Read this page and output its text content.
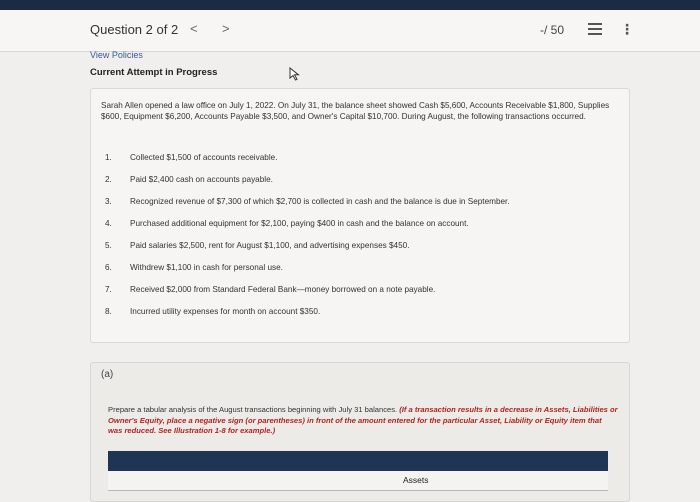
Question 2 of 2 < >	-/ 50	⋮
View Policies
Current Attempt in Progress
Sarah Allen opened a law office on July 1, 2022. On July 31, the balance sheet showed Cash $5,600, Accounts Receivable $1,800, Supplies $600, Equipment $6,200, Accounts Payable $3,500, and Owner's Capital $10,700. During August, the following transactions occurred.
1.	Collected $1,500 of accounts receivable.
2.	Paid $2,400 cash on accounts payable.
3.	Recognized revenue of $7,300 of which $2,700 is collected in cash and the balance is due in September.
4.	Purchased additional equipment for $2,100, paying $400 in cash and the balance on account.
5.	Paid salaries $2,500, rent for August $1,100, and advertising expenses $450.
6.	Withdrew $1,100 in cash for personal use.
7.	Received $2,000 from Standard Federal Bank—money borrowed on a note payable.
8.	Incurred utility expenses for month on account $350.
(a)
Prepare a tabular analysis of the August transactions beginning with July 31 balances. (If a transaction results in a decrease in Assets, Liabilities or Owner's Equity, place a negative sign (or parentheses) in front of the amount entered for the particular Asset, Liability or Equity item that was reduced. See Illustration 1-8 for example.)
Assets
